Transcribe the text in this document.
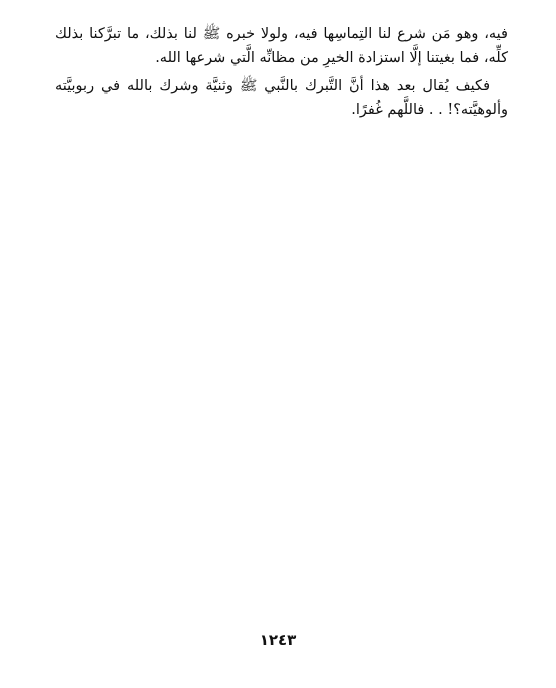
فيه، وهو مَن شرع لنا التِماسِها فيه، ولولا خبره ﷺ لنا بذلك، ما تبرَّكنا بذلك كلِّه، فما بغيتنا إلَّا استزادة الخيرِ من مظانِّه الَّتي شرعها الله.

فكيف يُقال بعد هذا أنَّ التَّبرك بالنَّبي ﷺ وثنيَّة وشرك بالله في ربوبيَّته وألوهيَّته؟! . . فاللَّهم غُفرًا.

١٢٤٣
